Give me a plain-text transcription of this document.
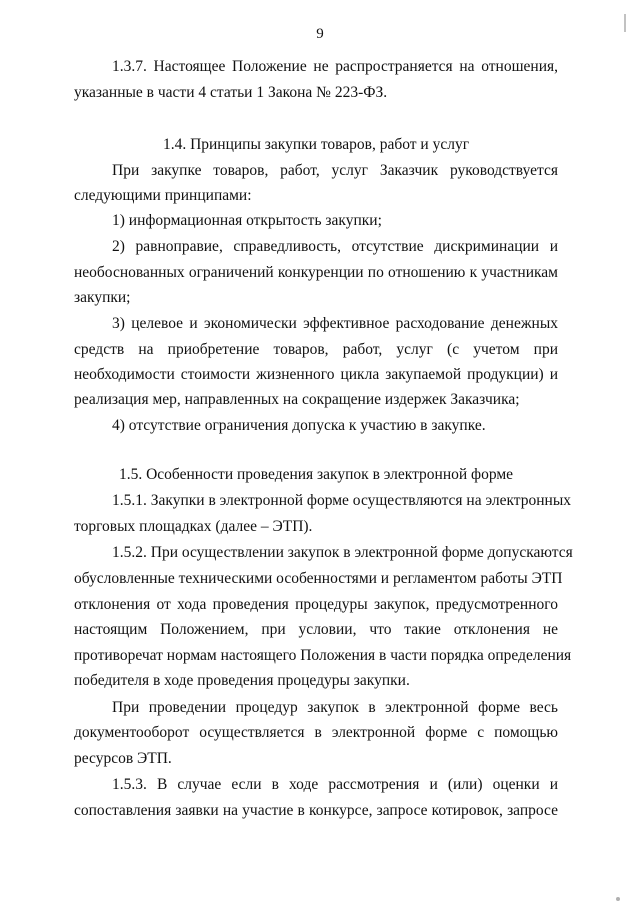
9
1.3.7. Настоящее Положение не распространяется на отношения,
указанные в части 4 статьи 1 Закона № 223-ФЗ.
1.4. Принципы закупки товаров, работ и услуг
При закупке товаров, работ, услуг Заказчик руководствуется
следующими принципами:
1) информационная открытость закупки;
2) равноправие, справедливость, отсутствие дискриминации и
необоснованных ограничений конкуренции по отношению к участникам
закупки;
3) целевое и экономически эффективное расходование денежных
средств на приобретение товаров, работ, услуг (с учетом при
необходимости стоимости жизненного цикла закупаемой продукции) и
реализация мер, направленных на сокращение издержек Заказчика;
4) отсутствие ограничения допуска к участию в закупке.
1.5. Особенности проведения закупок в электронной форме
1.5.1. Закупки в электронной форме осуществляются на электронных
торговых площадках (далее – ЭТП).
1.5.2. При осуществлении закупок в электронной форме допускаются
обусловленные техническими особенностями и регламентом работы ЭТП
отклонения от хода проведения процедуры закупок, предусмотренного
настоящим Положением, при условии, что такие отклонения не
противоречат нормам настоящего Положения в части порядка определения
победителя в ходе проведения процедуры закупки.
При проведении процедур закупок в электронной форме весь
документооборот осуществляется в электронной форме с помощью
ресурсов ЭТП.
1.5.3. В случае если в ходе рассмотрения и (или) оценки и
сопоставления заявки на участие в конкурсе, запросе котировок, запросе
